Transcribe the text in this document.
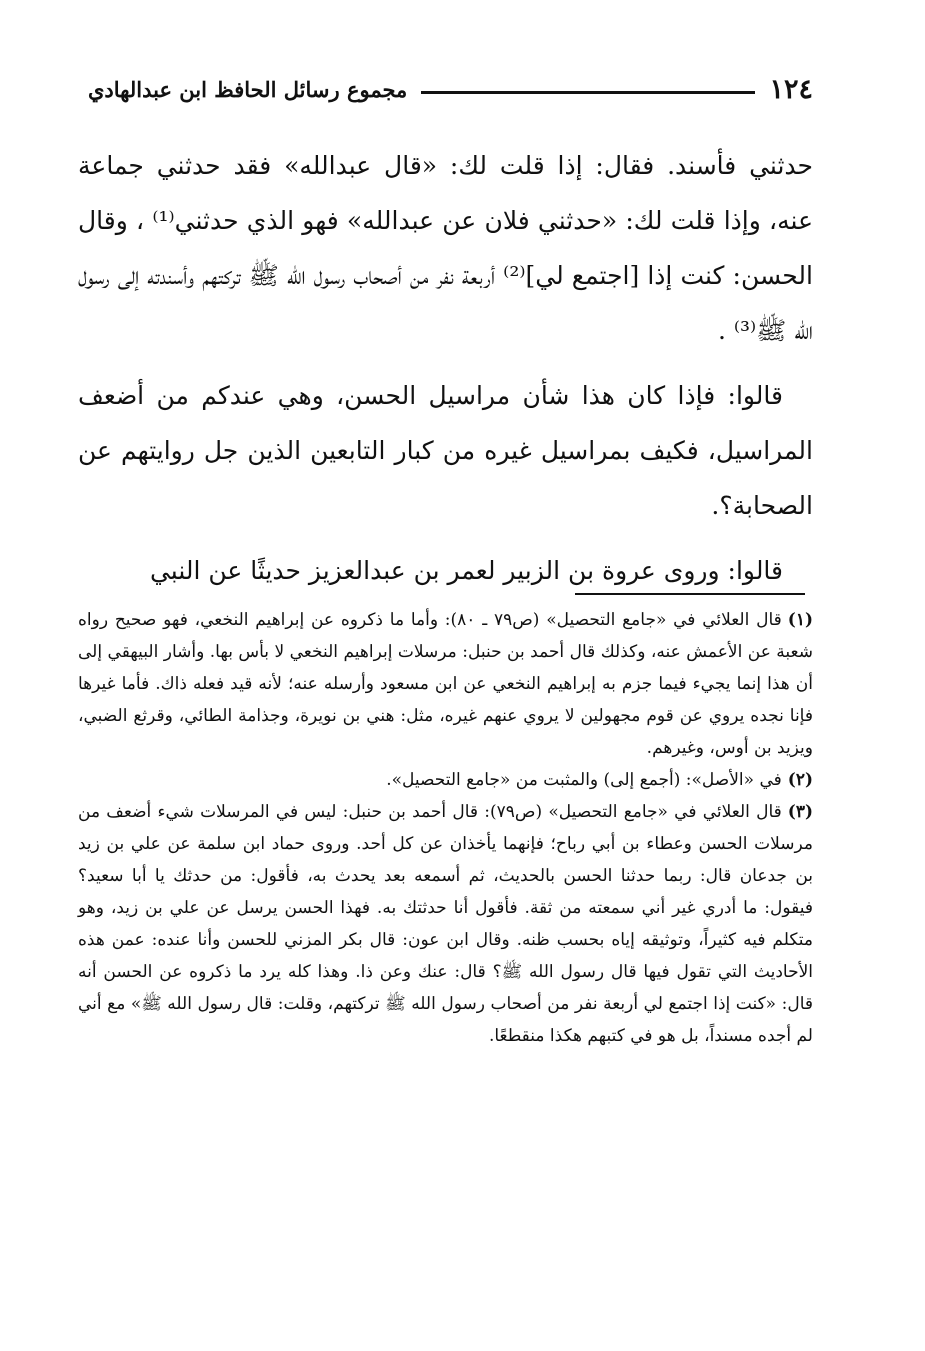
١٢٤
مجموع رسائل الحافظ ابن عبدالهادي

حدثني فأسند. فقال: إذا قلت لك: «قال عبدالله» فقد حدثني جماعة عنه، وإذا قلت لك: «حدثني فلان عن عبدالله» فهو الذي حدثني⁽¹⁾ ، وقال الحسن: كنت إذا [اجتمع لي]⁽²⁾ أربعة نفر من أصحاب رسول الله ﷺ تركتهم وأسندته إلى رسول الله ﷺ⁽³⁾ .

قالوا: فإذا كان هذا شأن مراسيل الحسن، وهي عندكم من أضعف المراسيل، فكيف بمراسيل غيره من كبار التابعين الذين جل روايتهم عن الصحابة؟.

قالوا: وروى عروة بن الزبير لعمر بن عبدالعزيز حديثًا عن النبي

(١)قال العلائي في «جامع التحصيل» (ص٧٩ ـ ٨٠): وأما ما ذكروه عن إبراهيم النخعي، فهو صحيح رواه شعبة عن الأعمش عنه، وكذلك قال أحمد بن حنبل: مرسلات إبراهيم النخعي لا بأس بها. وأشار البيهقي إلى أن هذا إنما يجيء فيما جزم به إبراهيم النخعي عن ابن مسعود وأرسله عنه؛ لأنه قيد فعله ذاك. فأما غيرها فإنا نجده يروي عن قوم مجهولين لا يروي عنهم غيره، مثل: هني بن نويرة، وجذامة الطائي، وقرثع الضبي، ويزيد بن أوس، وغيرهم.

(٢)في «الأصل»: (أجمع إلى) والمثبت من «جامع التحصيل».

(٣)قال العلائي في «جامع التحصيل» (ص٧٩): قال أحمد بن حنبل: ليس في المرسلات شيء أضعف من مرسلات الحسن وعطاء بن أبي رباح؛ فإنهما يأخذان عن كل أحد. وروى حماد ابن سلمة عن علي بن زيد بن جدعان قال: ربما حدثنا الحسن بالحديث، ثم أسمعه بعد يحدث به، فأقول: من حدثك يا أبا سعيد؟ فيقول: ما أدري غير أني سمعته من ثقة. فأقول أنا حدثتك به. فهذا الحسن يرسل عن علي بن زيد، وهو متكلم فيه كثيراً، وتوثيقه إياه بحسب ظنه. وقال ابن عون: قال بكر المزني للحسن وأنا عنده: عمن هذه الأحاديث التي تقول فيها قال رسول الله ﷺ؟ قال: عنك وعن ذا. وهذا كله يرد ما ذكروه عن الحسن أنه قال: «كنت إذا اجتمع لي أربعة نفر من أصحاب رسول الله ﷺ تركتهم، وقلت: قال رسول الله ﷺ» مع أني لم أجده مسنداً، بل هو في كتبهم هكذا منقطعًا.
